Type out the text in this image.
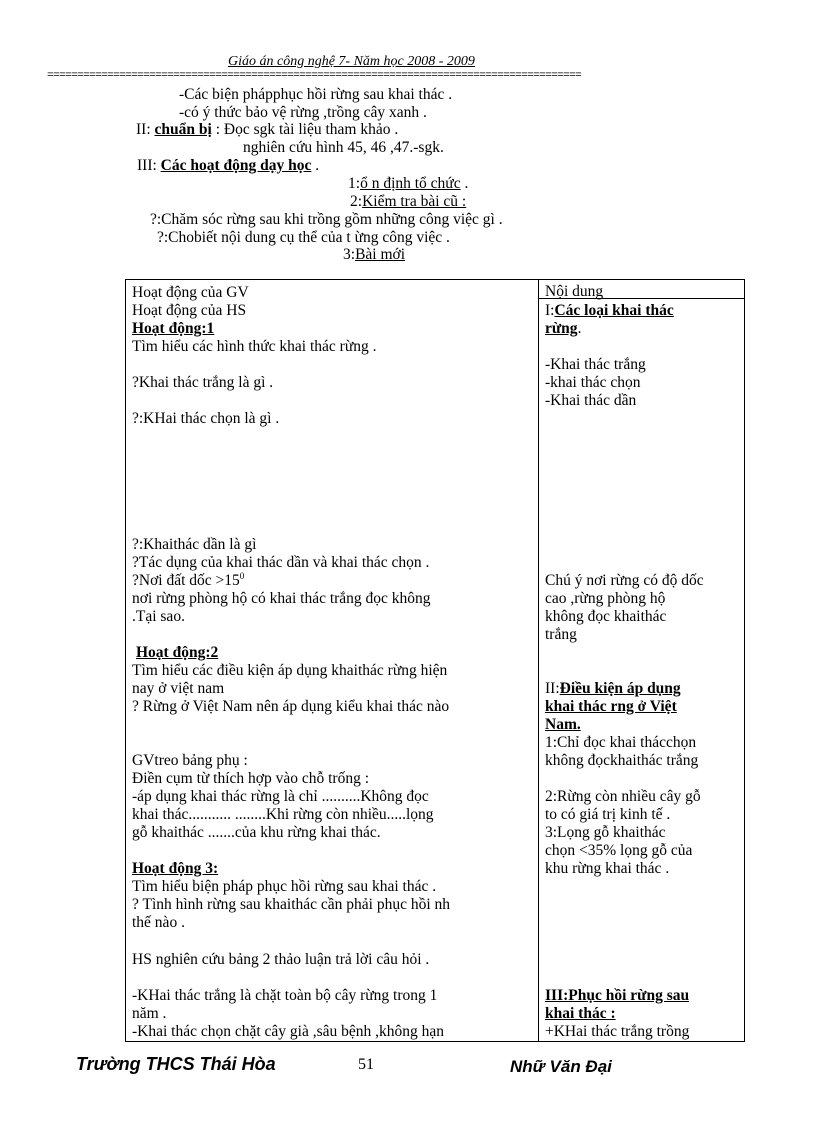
Giáo án công nghệ 7- Năm học 2008 - 2009
=========================================================================================
-Các biện phápphục hồi rừng sau khai thác .
-có ý thức bảo vệ rừng ,trồng cây xanh .
II: chuẩn bị : Đọc sgk tài liệu tham khảo .
nghiên cứu hình 45, 46 ,47.-sgk.
III: Các hoạt động dạy học .
1:ổ n định tổ chức .
2:Kiểm tra bài cũ :
?:Chăm sóc rừng sau khi trồng gồm những công việc gì .
?:Chobiết nội dung cụ thể của t ừng công việc .
3:Bài mới
Hoạt động của GV
Hoạt động của HS
Hoạt động:1
Tìm hiểu các hình thức khai thác rừng .
?Khai thác trắng là gì .
?:KHai thác chọn là gì .
?:Khaithác dần là gì
?Tác dụng của khai thác dần và khai thác chọn .
?Nơi đất dốc $>15^0$
nơi rừng phòng hộ có khai thác trắng đọc không
.Tại sao.
Hoạt động:2
Tìm hiểu các điều kiện áp dụng khaithác rừng hiện
nay ở việt nam
? Rừng ở Việt Nam nên áp dụng kiểu khai thác nào
GVtreo bảng phụ :
Điền cụm từ thích hợp vào chỗ trống :
-áp dụng khai thác rừng là chỉ ..........Không đọc
khai thác........... ........Khi rừng còn nhiều.....lọng
gỗ khaithác .......của khu rừng khai thác.
Hoạt động 3:
Tìm hiểu biện pháp phục hồi rừng sau khai thác .
? Tình hình rừng sau khaithác cần phải phục hồi nh
thế nào .
HS nghiên cứu bảng 2 thảo luận trả lời câu hỏi .
-KHai thác trắng là chặt toàn bộ cây rừng trong 1
năm .
-Khai thác chọn chặt cây già ,sâu bệnh ,không hạn
Nội dung
I:Các loại khai thác
rừng.
-Khai thác trắng
-khai thác chọn
-Khai thác dần
Chú ý nơi rừng có độ dốc
cao ,rừng phòng hộ
không đọc khaithác
trắng
II:Điều kiện áp dụng
khai thác rng ở Việt
Nam.
1:Chỉ đọc khai thácchọn
không đọckhaithác trắng
2:Rừng còn nhiều cây gỗ
to có giá trị kinh tế .
3:Lọng gỗ khaithác
chọn <35% lọng gỗ của
khu rừng khai thác .
III:Phục hồi rừng sau
khai thác :
+KHai thác trắng trồng
Trường THCS Thái Hòa	51	Nhữ Văn Đại
